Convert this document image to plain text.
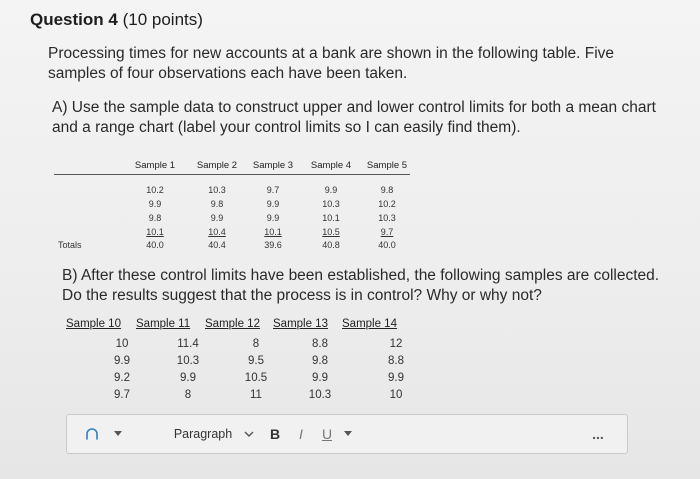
Question 4 (10 points)
Processing times for new accounts at a bank are shown in the following table. Five samples of four observations each have been taken.
A) Use the sample data to construct upper and lower control limits for both a mean chart and a range chart (label your control limits so I can easily find them).
Sample 1	Sample 2	Sample 3	Sample 4	Sample 5
10.2	10.3	9.7	9.9	9.8
9.9	9.8	9.9	10.3	10.2
9.8	9.9	9.9	10.1	10.3
10.1	10.4	10.1	10.5	9.7
Totals	40.0	40.4	39.6	40.8	40.0
B) After these control limits have been established, the following samples are collected. Do the results suggest that the process is in control? Why or why not?
Sample 10 Sample 11 Sample 12 Sample 13 Sample 14
10	11.4	8	8.8	12
9.9	10.3	9.5	9.8	8.8
9.2	9.9	10.5	9.9	9.9
9.7	8	11	10.3	10
Paragraph	B	I	U	...
